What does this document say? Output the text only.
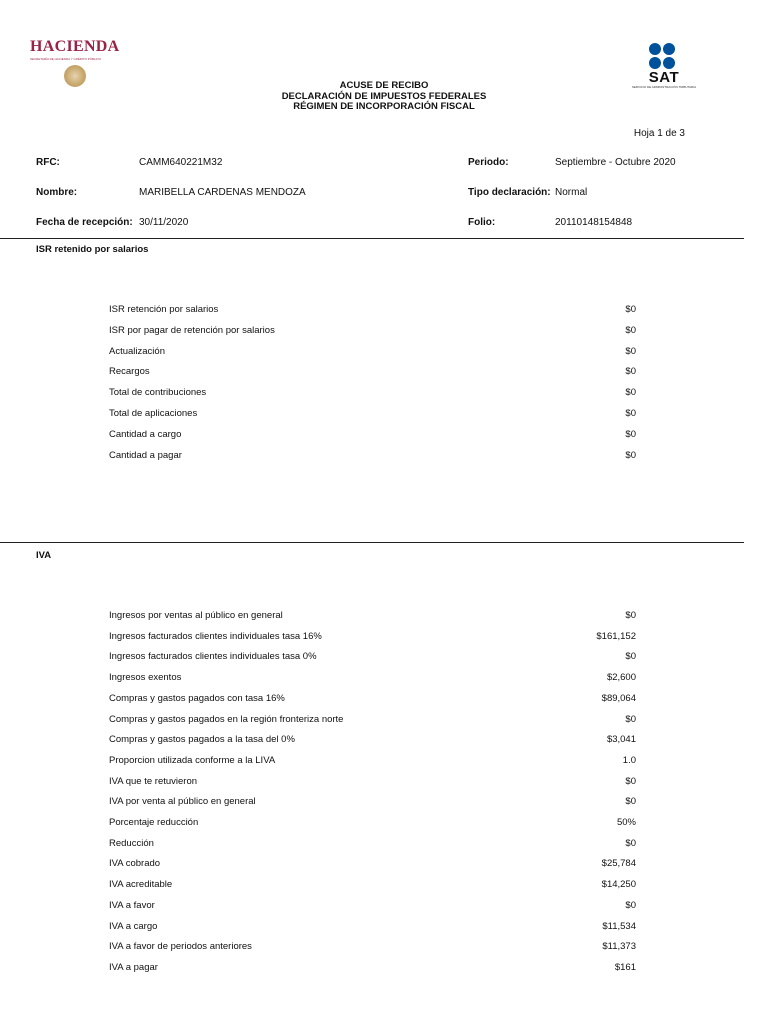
HACIENDA
SECRETARÍA DE HACIENDA Y CRÉDITO PÚBLICO
ACUSE DE RECIBO
DECLARACIÓN DE IMPUESTOS FEDERALES
RÉGIMEN DE INCORPORACIÓN FISCAL
SAT
SERVICIO DE ADMINISTRACIÓN TRIBUTARIA
Hoja 1 de 3
RFC:	CAMM640221M32	Periodo:	Septiembre - Octubre 2020
Nombre:	MARIBELLA CARDENAS MENDOZA	Tipo declaración: Normal
Fecha de recepción: 30/11/2020	Folio:	20110148154848
ISR retenido por salarios
ISR retención por salarios	$0
ISR por pagar de retención por salarios	$0
Actualización	$0
Recargos	$0
Total de contribuciones	$0
Total de aplicaciones	$0
Cantidad a cargo	$0
Cantidad a pagar	$0
IVA
Ingresos por ventas al público en general	$0
Ingresos facturados clientes individuales tasa 16%	$161,152
Ingresos facturados clientes individuales tasa 0%	$0
Ingresos exentos	$2,600
Compras y gastos pagados con tasa 16%	$89,064
Compras y gastos pagados en la región fronteriza norte	$0
Compras y gastos pagados a la tasa del 0%	$3,041
Proporcion utilizada conforme a la LIVA	1.0
IVA que te retuvieron	$0
IVA por venta al público en general	$0
Porcentaje reducción	50%
Reducción	$0
IVA cobrado	$25,784
IVA acreditable	$14,250
IVA a favor	$0
IVA a cargo	$11,534
IVA a favor de periodos anteriores	$11,373
IVA a pagar	$161
